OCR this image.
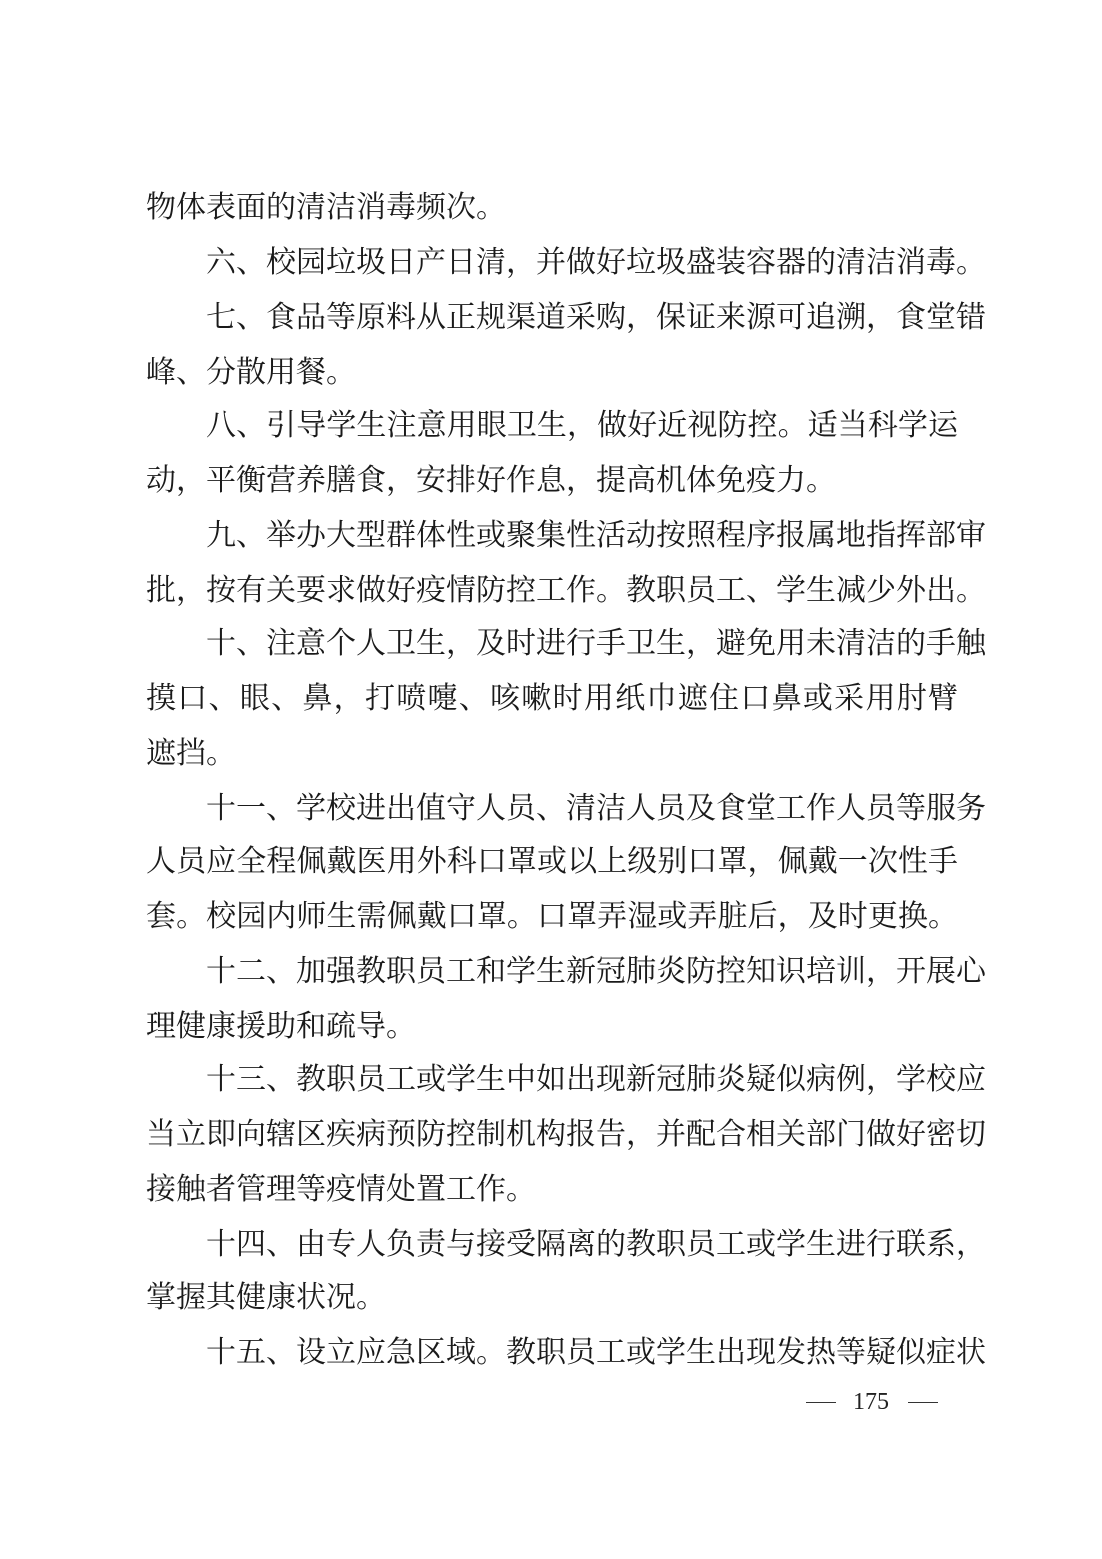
物体表面的清洁消毒频次。
六、校园垃圾日产日清，并做好垃圾盛装容器的清洁消毒。
七、食品等原料从正规渠道采购，保证来源可追溯，食堂错
峰、分散用餐。
八、引导学生注意用眼卫生，做好近视防控。适当科学运
动，平衡营养膳食，安排好作息，提高机体免疫力。
九、举办大型群体性或聚集性活动按照程序报属地指挥部审
批，按有关要求做好疫情防控工作。教职员工、学生减少外出。
十、注意个人卫生，及时进行手卫生，避免用未清洁的手触
摸口、眼、鼻，打喷嚏、咳嗽时用纸巾遮住口鼻或采用肘臂
遮挡。
十一、学校进出值守人员、清洁人员及食堂工作人员等服务
人员应全程佩戴医用外科口罩或以上级别口罩，佩戴一次性手
套。校园内师生需佩戴口罩。口罩弄湿或弄脏后，及时更换。
十二、加强教职员工和学生新冠肺炎防控知识培训，开展心
理健康援助和疏导。
十三、教职员工或学生中如出现新冠肺炎疑似病例，学校应
当立即向辖区疾病预防控制机构报告，并配合相关部门做好密切
接触者管理等疫情处置工作。
十四、由专人负责与接受隔离的教职员工或学生进行联系，
掌握其健康状况。
十五、设立应急区域。教职员工或学生出现发热等疑似症状
175
